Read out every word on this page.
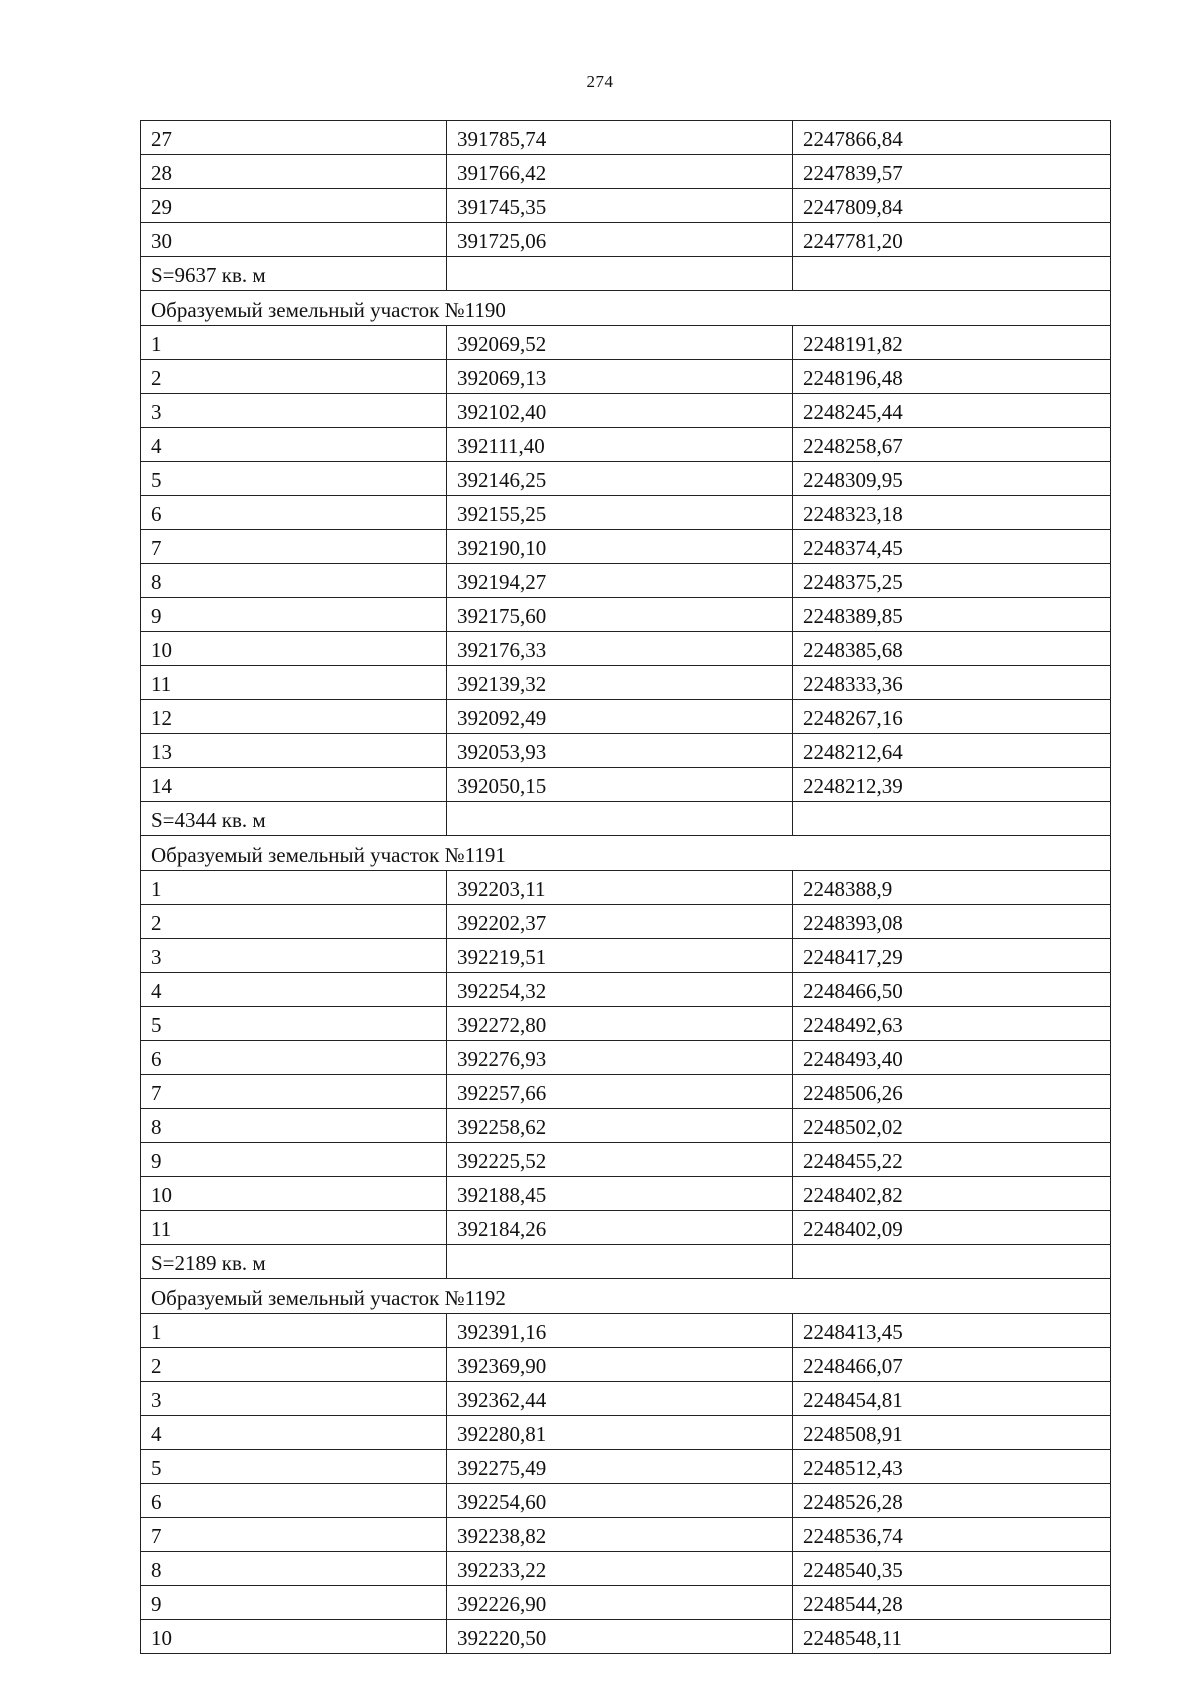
274
27	391785,74	2247866,84
28	391766,42	2247839,57
29	391745,35	2247809,84
30	391725,06	2247781,20
S=9637 кв. м		
Образуемый земельный участок №1190		
1	392069,52	2248191,82
2	392069,13	2248196,48
3	392102,40	2248245,44
4	392111,40	2248258,67
5	392146,25	2248309,95
6	392155,25	2248323,18
7	392190,10	2248374,45
8	392194,27	2248375,25
9	392175,60	2248389,85
10	392176,33	2248385,68
11	392139,32	2248333,36
12	392092,49	2248267,16
13	392053,93	2248212,64
14	392050,15	2248212,39
S=4344 кв. м		
Образуемый земельный участок №1191		
1	392203,11	2248388,9
2	392202,37	2248393,08
3	392219,51	2248417,29
4	392254,32	2248466,50
5	392272,80	2248492,63
6	392276,93	2248493,40
7	392257,66	2248506,26
8	392258,62	2248502,02
9	392225,52	2248455,22
10	392188,45	2248402,82
11	392184,26	2248402,09
S=2189 кв. м		
Образуемый земельный участок №1192		
1	392391,16	2248413,45
2	392369,90	2248466,07
3	392362,44	2248454,81
4	392280,81	2248508,91
5	392275,49	2248512,43
6	392254,60	2248526,28
7	392238,82	2248536,74
8	392233,22	2248540,35
9	392226,90	2248544,28
10	392220,50	2248548,11
